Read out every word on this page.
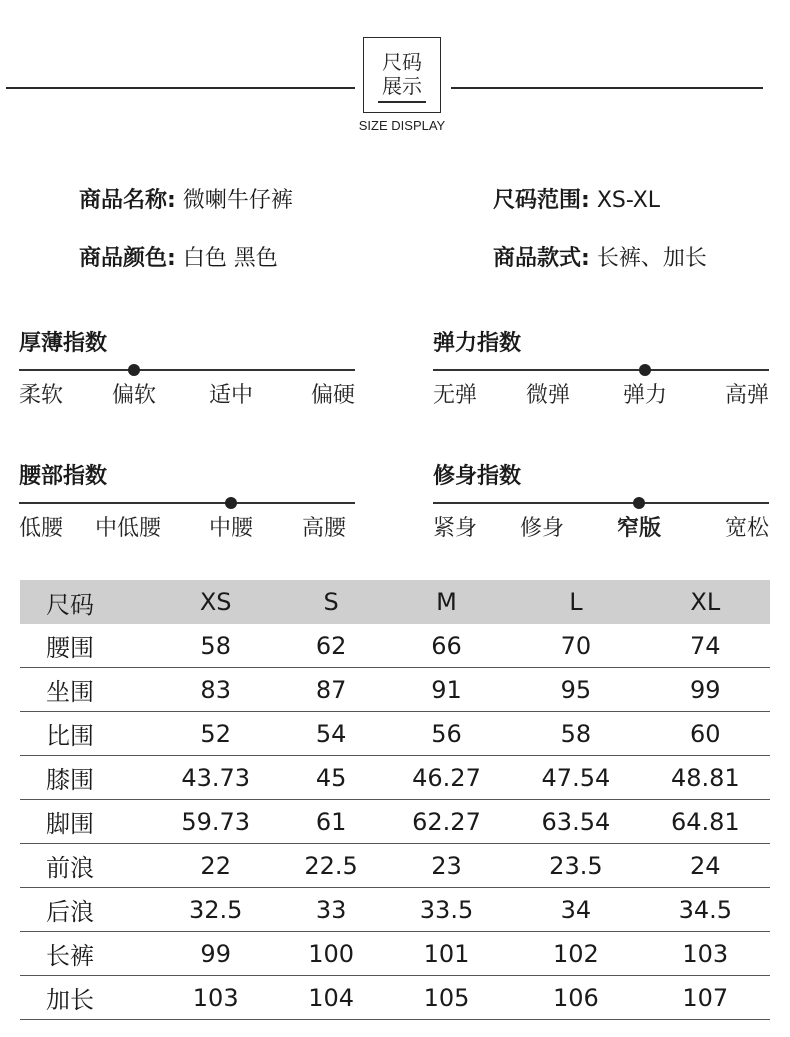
尺码
展示
SIZE DISPLAY
商品名称: 微喇牛仔裤	尺码范围: XS-XL
商品颜色: 白色 黑色	商品款式: 长裤、加长
厚薄指数
柔软 偏软 适中	偏硬
弹力指数
无弹 微弹 弹力	高弹
腰部指数
低腰 中低腰 中腰 高腰
修身指数
紧身 修身 窄版	宽松
尺码	XS	S	M	L	XL
腰围	58	62	66	70	74
坐围	83	87	91	95	99
比围	52	54	56	58	60
膝围	43.73	45	46.27	47.54	48.81
脚围	59.73	61	62.27	63.54	64.81
前浪	22	22.5	23	23.5	24
后浪	32.5	33	33.5	34	34.5
长裤	99	100	101	102	103
加长	103	104	105	106	107
